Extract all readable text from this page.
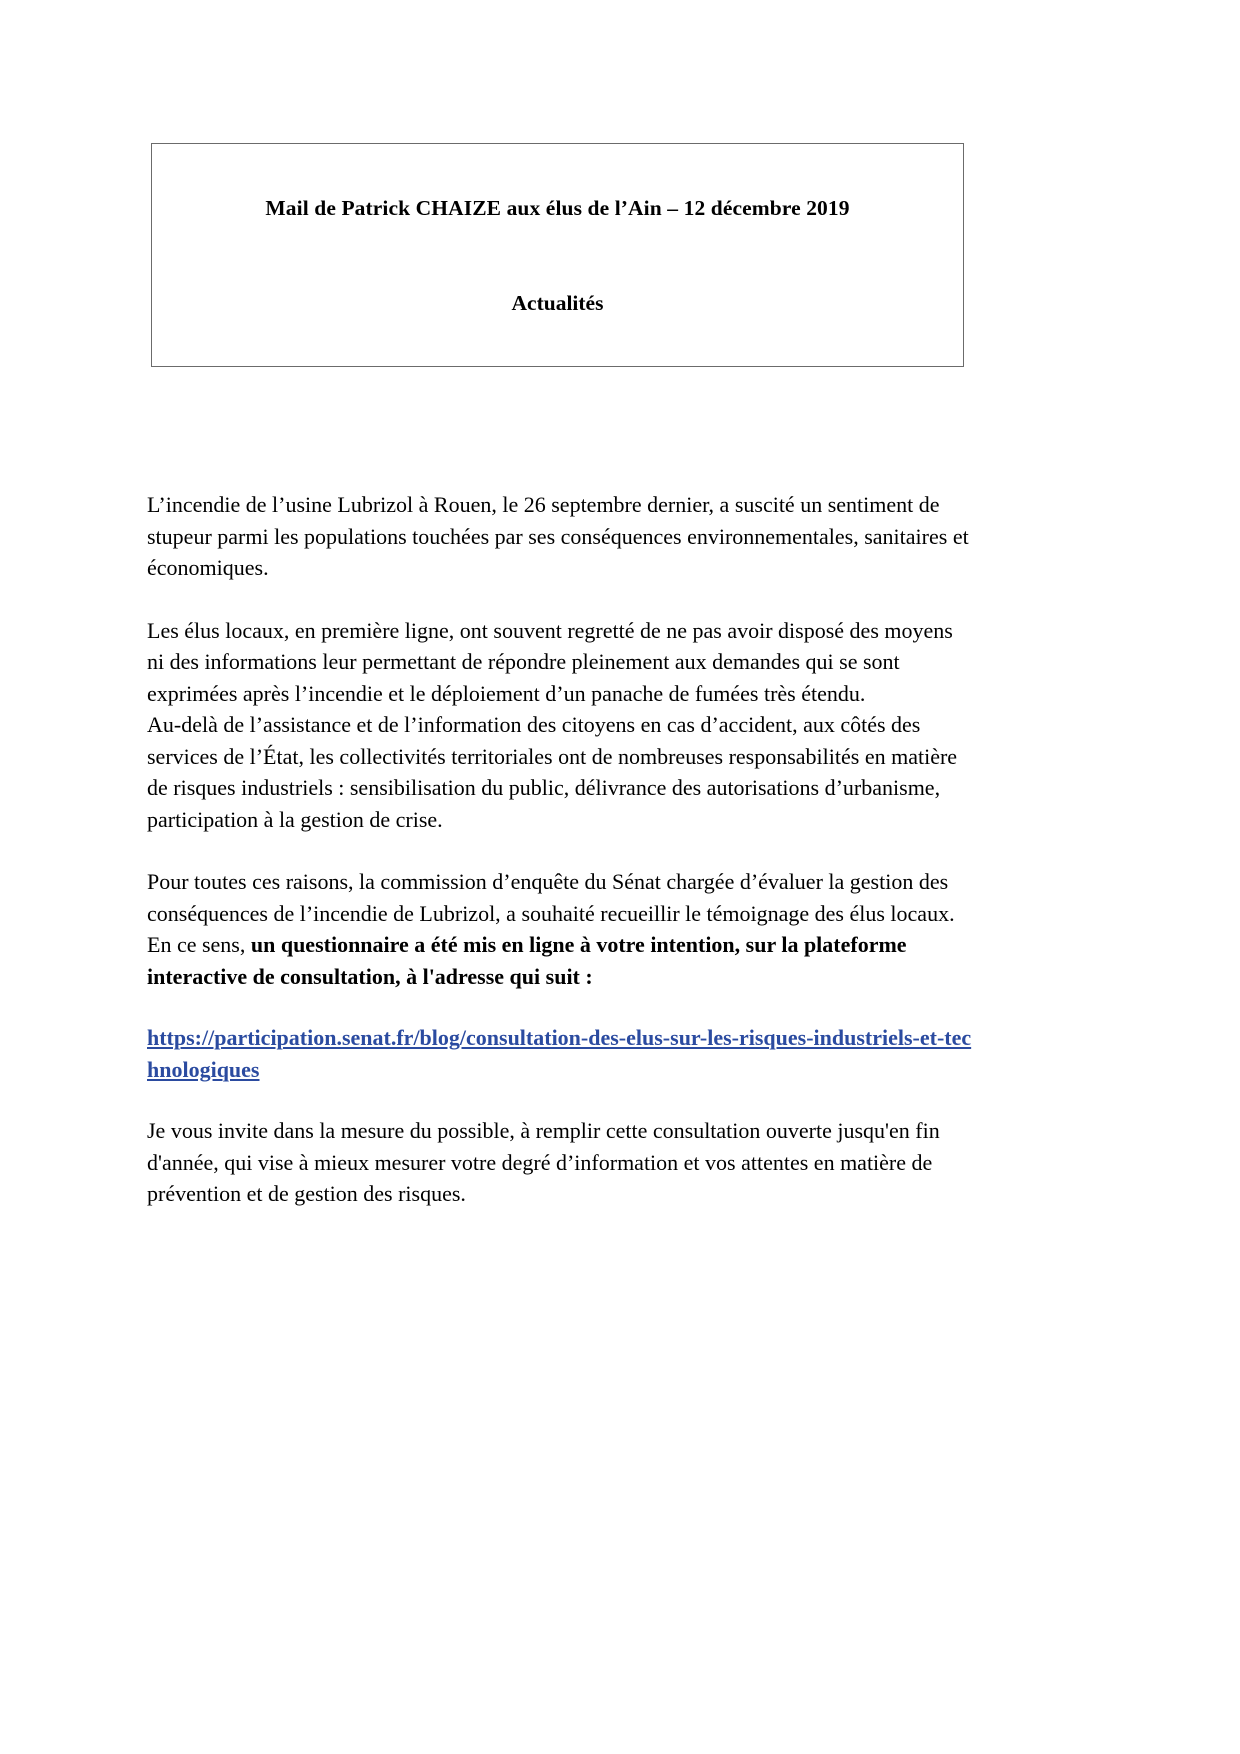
Mail de Patrick CHAIZE aux élus de l’Ain – 12 décembre 2019
Actualités

L’incendie de l’usine Lubrizol à Rouen, le 26 septembre dernier, a suscité un sentiment de stupeur parmi les populations touchées par ses conséquences environnementales, sanitaires et économiques.

Les élus locaux, en première ligne, ont souvent regretté de ne pas avoir disposé des moyens ni des informations leur permettant de répondre pleinement aux demandes qui se sont exprimées après l’incendie et le déploiement d’un panache de fumées très étendu.

Au-delà de l’assistance et de l’information des citoyens en cas d’accident, aux côtés des services de l’État, les collectivités territoriales ont de nombreuses responsabilités en matière de risques industriels : sensibilisation du public, délivrance des autorisations d’urbanisme, participation à la gestion de crise.

Pour toutes ces raisons, la commission d’enquête du Sénat chargée d’évaluer la gestion des conséquences de l’incendie de Lubrizol, a souhaité recueillir le témoignage des élus locaux.

En ce sens, un questionnaire a été mis en ligne à votre intention, sur la plateforme interactive de consultation, à l'adresse qui suit :

https://participation.senat.fr/blog/consultation-des-elus-sur-les-risques-industriels-et-technologiques

Je vous invite dans la mesure du possible, à remplir cette consultation ouverte jusqu'en fin d'année, qui vise à mieux mesurer votre degré d’information et vos attentes en matière de prévention et de gestion des risques.
